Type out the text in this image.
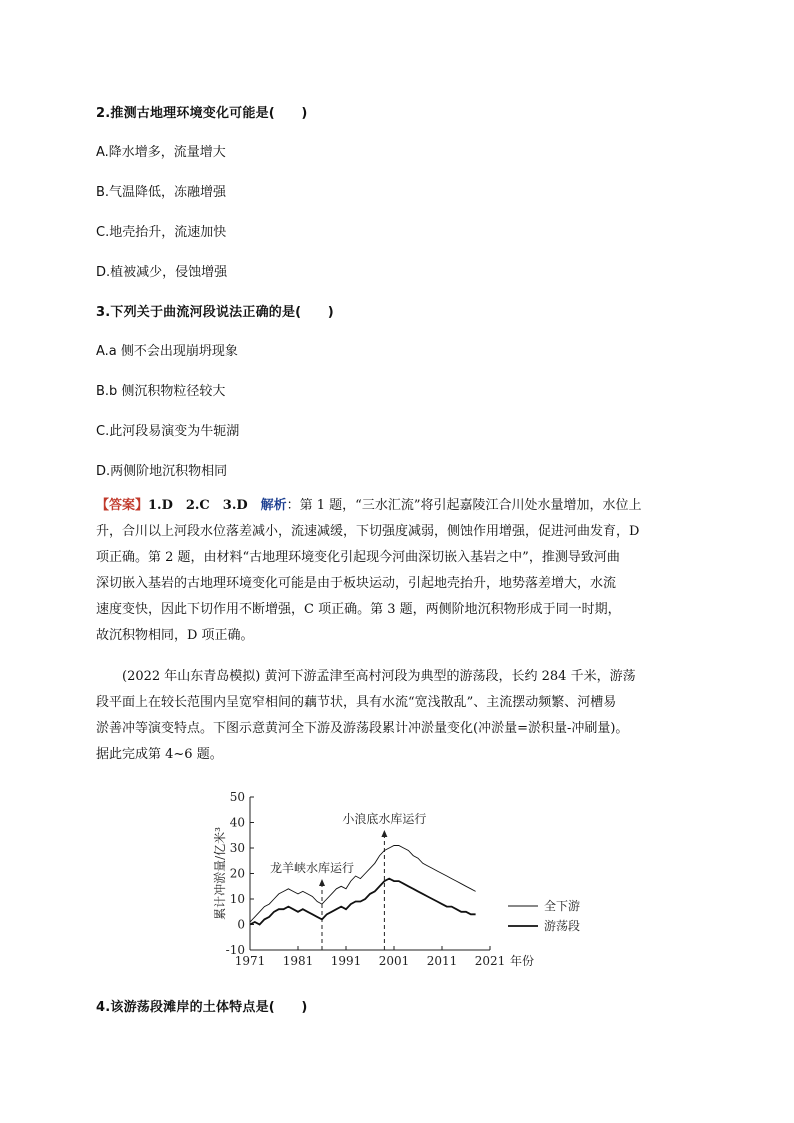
2.推测古地理环境变化可能是(　　)
A.降水增多，流量增大
B.气温降低，冻融增强
C.地壳抬升，流速加快
D.植被减少，侵蚀增强
3.下列关于曲流河段说法正确的是(　　)
A.a 侧不会出现崩坍现象
B.b 侧沉积物粒径较大
C.此河段易演变为牛轭湖
D.两侧阶地沉积物相同
【答案】1.D　2.C　3.D　解析：第 1 题，“三水汇流”将引起嘉陵江合川处水量增加，水位上
升，合川以上河段水位落差减小，流速减缓，下切强度减弱，侧蚀作用增强，促进河曲发育，D
项正确。第 2 题，由材料“古地理环境变化引起现今河曲深切嵌入基岩之中”，推测导致河曲
深切嵌入基岩的古地理环境变化可能是由于板块运动，引起地壳抬升，地势落差增大，水流
速度变快，因此下切作用不断增强，C 项正确。第 3 题，两侧阶地沉积物形成于同一时期，
故沉积物相同，D 项正确。
(2022 年山东青岛模拟) 黄河下游孟津至高村河段为典型的游荡段，长约 284 千米，游荡
段平面上在较长范围内呈宽窄相间的藕节状，具有水流“宽浅散乱”、主流摆动频繁、河槽易
淤善冲等演变特点。下图示意黄河全下游及游荡段累计冲淤量变化(冲淤量=淤积量-冲刷量)。
据此完成第 4~6 题。
-10
0
10
20
30
40
50
1971 1981 1991 2001 2011 2021 年份
累计冲淤量/亿米³	龙羊峡水库运行
小浪底水库运行
全下游
游荡段
4.该游荡段滩岸的土体特点是(　　)
